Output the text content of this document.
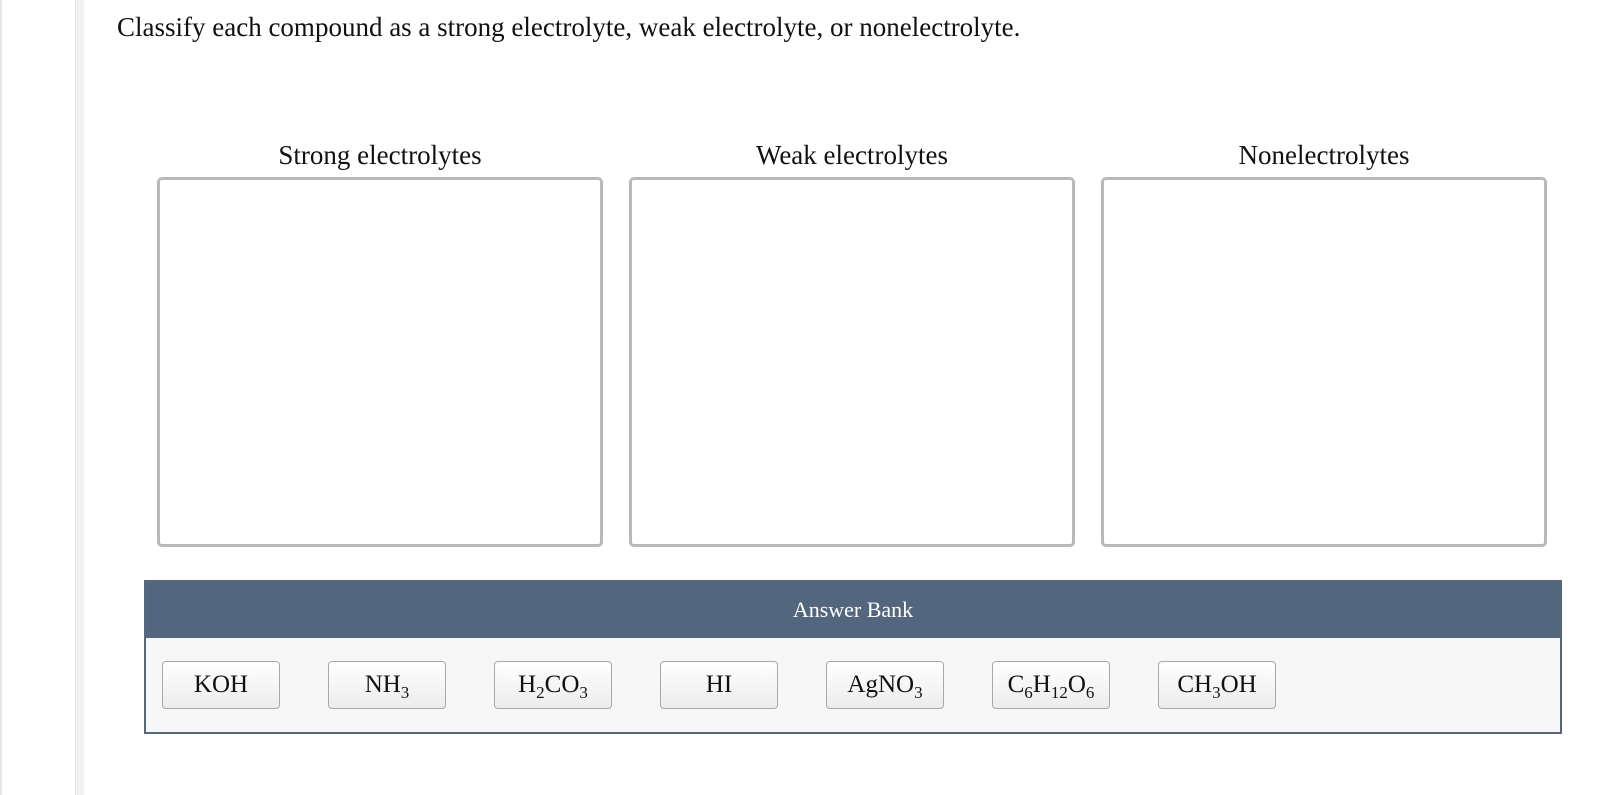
Classify each compound as a strong electrolyte, weak electrolyte, or nonelectrolyte.
Strong electrolytes	Weak electrolytes	Nonelectrolytes
Answer Bank
KOH	$NH_3$	$H_2CO_3$	HI	AgNO$_3$	$C_6H_{12}O_6$	$CH_3OH$
